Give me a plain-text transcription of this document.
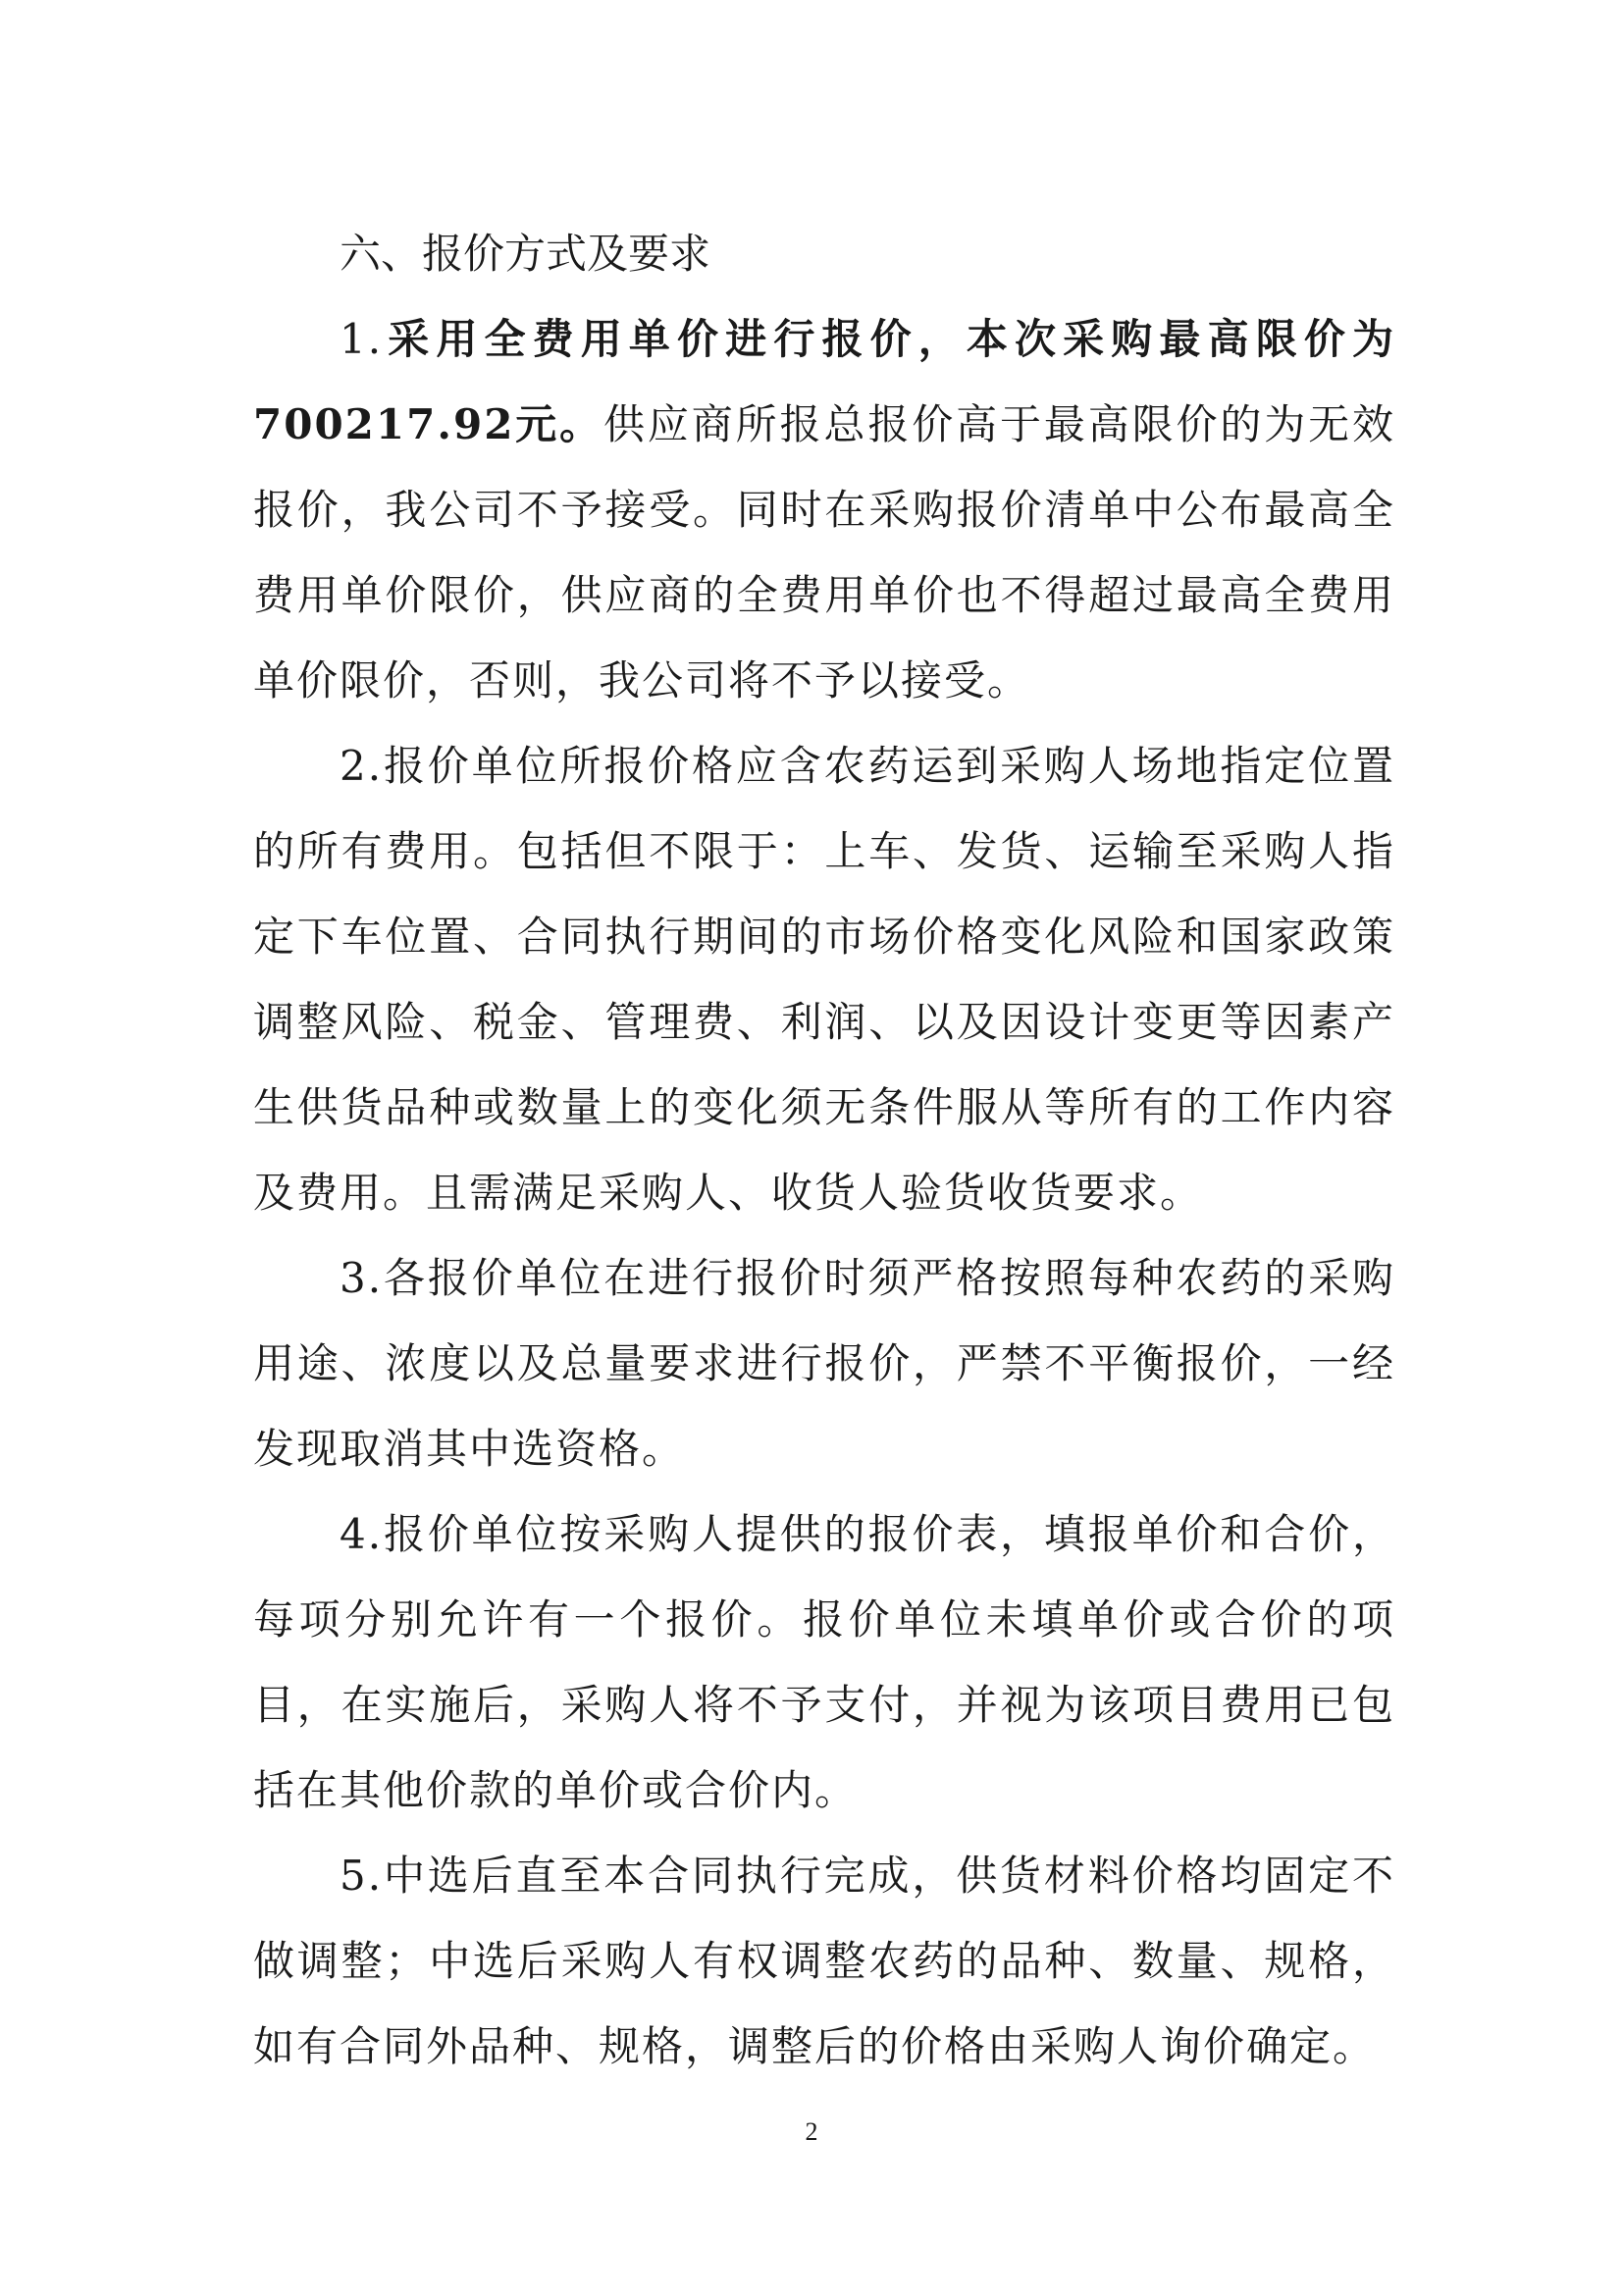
六、报价方式及要求

1.采用全费用单价进行报价，本次采购最高限价为700217.92元。供应商所报总报价高于最高限价的为无效报价，我公司不予接受。同时在采购报价清单中公布最高全费用单价限价，供应商的全费用单价也不得超过最高全费用单价限价，否则，我公司将不予以接受。

2.报价单位所报价格应含农药运到采购人场地指定位置的所有费用。包括但不限于：上车、发货、运输至采购人指定下车位置、合同执行期间的市场价格变化风险和国家政策调整风险、税金、管理费、利润、以及因设计变更等因素产生供货品种或数量上的变化须无条件服从等所有的工作内容及费用。且需满足采购人、收货人验货收货要求。

3.各报价单位在进行报价时须严格按照每种农药的采购用途、浓度以及总量要求进行报价，严禁不平衡报价，一经发现取消其中选资格。

4.报价单位按采购人提供的报价表，填报单价和合价，每项分别允许有一个报价。报价单位未填单价或合价的项目，在实施后，采购人将不予支付，并视为该项目费用已包括在其他价款的单价或合价内。

5.中选后直至本合同执行完成，供货材料价格均固定不做调整；中选后采购人有权调整农药的品种、数量、规格，如有合同外品种、规格，调整后的价格由采购人询价确定。

2
